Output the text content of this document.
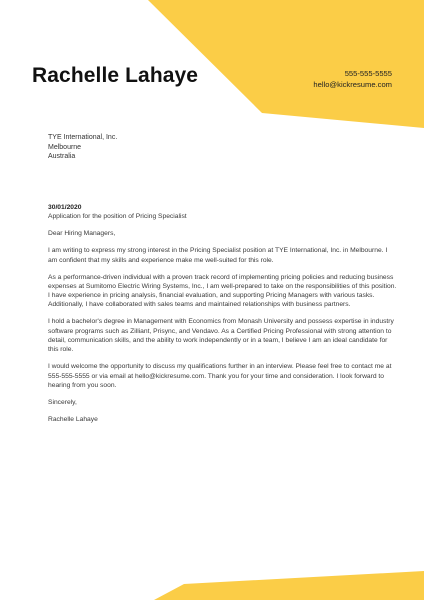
Rachelle Lahaye	555-555-5555
hello@kickresume.com
TYE International, Inc.
Melbourne
Australia
30/01/2020
Application for the position of Pricing Specialist

Dear Hiring Managers,

I am writing to express my strong interest in the Pricing Specialist position at TYE International, Inc. in Melbourne. I am confident that my skills and experience make me well-suited for this role.

As a performance-driven individual with a proven track record of implementing pricing policies and reducing business expenses at Sumitomo Electric Wiring Systems, Inc., I am well-prepared to take on the responsibilities of this position. I have experience in pricing analysis, financial evaluation, and supporting Pricing Managers with various tasks. Additionally, I have collaborated with sales teams and maintained relationships with business partners.

I hold a bachelor's degree in Management with Economics from Monash University and possess expertise in industry software programs such as Zilliant, Prisync, and Vendavo. As a Certified Pricing Professional with strong attention to detail, communication skills, and the ability to work independently or in a team, I believe I am an ideal candidate for this role.

I would welcome the opportunity to discuss my qualifications further in an interview. Please feel free to contact me at 555-555-5555 or via email at hello@kickresume.com. Thank you for your time and consideration. I look forward to hearing from you soon.

Sincerely,

Rachelle Lahaye
